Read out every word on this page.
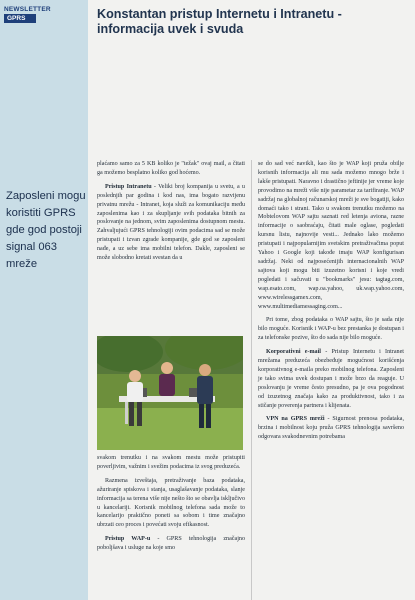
NEWSLETTER
GPRS
Zaposleni mogu koristiti GPRS gde god postoji signal 063 mreže
Konstantan pristup Internetu i Intranetu - informacija uvek i svuda

plaćamo samo za 5 KB koliko je "težak" ovaj mail, a čitati ga možemo besplatno koliko god hoćemo.

Pristup Intranetu - Veliki broj kompanija u svetu, a u poslednjih par godina i kod nas, ima bogato razvijenu privatnu mrežu - Intranet, koja služi za komunikaciju među zaposlenima kao i za skupljanje svih podataka bitnih za poslovanje na jednom, svim zaposlenima dostupnom mestu. Zahvaljujući GPRS tehnologiji ovim podacima sad se može pristupati i izvan zgrade kompanije, gde god se zaposleni nađe, a uz sebe ima mobilni telefon. Dakle, zaposleni se može slobodno kretati svestan da u

svakom trenutku i na svakom mestu može pristupiti poverljivim, važnim i svežim podacima iz svog preduzeća.

Razmena izveštaja, pretraživanje baza podataka, ažuriranje spiskova i stanja, usaglašavanje podataka, slanje informacija sa terena više nije nešto što se obavlja isključivo u kancelariji. Korisnik mobilnog telefona sada može to kancelarijo praktično poneti sa sobom i time značajno ubrzati ceo proces i povećati svoju efikasnost.

Pristup WAP-u - GPRS tehnologija značajno poboljšava i usluge na koje smo

se do sad već navikli, kao što je WAP koji pruža obilje korisnih informacija ali mu sada možemo mnogo brže i lakše pristupati. Naravno i drastično jeftinije jer vreme koje provodimo na mreži više nije parametar za tarifiranje. WAP sadržaj na globalnoj računarskoj mreži je sve bogatiji, kako domaći tako i strani. Tako u svakom trenutku možemo na Mobtelovom WAP sajtu saznati red letenja aviona, razne informacije o saobraćaju, čitati male oglase, pogledati kursnu listu, najnovije vesti... Jednako lako možemo pristupati i najpopularnijim svetskim pretraživačima poput Yahoo i Google koji takođe imaju WAP konfigurisan sadržaj. Neki od najposećenijih internacionalnih WAP sajtova koji mogu biti izuzetno korisni i koje vredi pogledati i sačuvati u "bookmarks" jesu: tagtag.com, wap.esato.com, wap.oa.yahoo, uk.wap.yahoo.com, www.wirelessgamex.com, www.multimediamessaging.com...

Pri tome, zbog podataka o WAP sajtu, što je sada nije bilo moguće. Korisnik i WAP-u bez prestanka je dostupan i za telefonske pozive, što do sada nije bilo moguće.

Korporativni e-mail - Pristup Internetu i Intranet mrežama preduzeća obezbeđuje mogućnost korišćenja korporativnog e-maila preko mobilnog telefona. Zaposleni je tako svima uvek dostupan i može brzo da reaguje. U poslovanju je vreme često presudno, pa je ova pogodnost od izuzetnog značaja kako za produktivnost, tako i za stičanje poverenja partnera i klijenata.

VPN na GPRS mreži - Sigurnost prenosa podataka, brzina i mobilnost koju pruža GPRS tehnologija savršeno odgovara svakodnevnim potrebama
